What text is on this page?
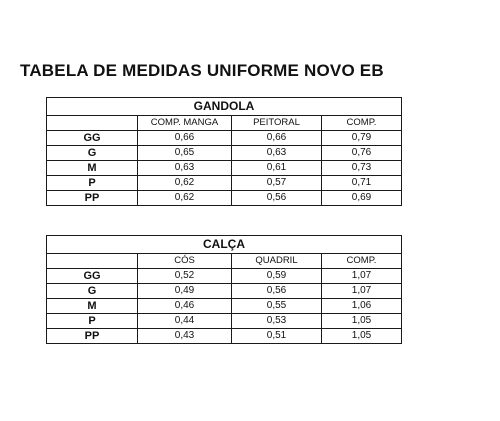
TABELA DE MEDIDAS UNIFORME NOVO EB
GANDOLA			
	COMP. MANGA	PEITORAL	COMP.
GG	0,66	0,66	0,79
G	0,65	0,63	0,76
M	0,63	0,61	0,73
P	0,62	0,57	0,71
PP	0,62	0,56	0,69
CALÇA			
	CÓS	QUADRIL	COMP.
GG	0,52	0,59	1,07
G	0,49	0,56	1,07
M	0,46	0,55	1,06
P	0,44	0,53	1,05
PP	0,43	0,51	1,05
